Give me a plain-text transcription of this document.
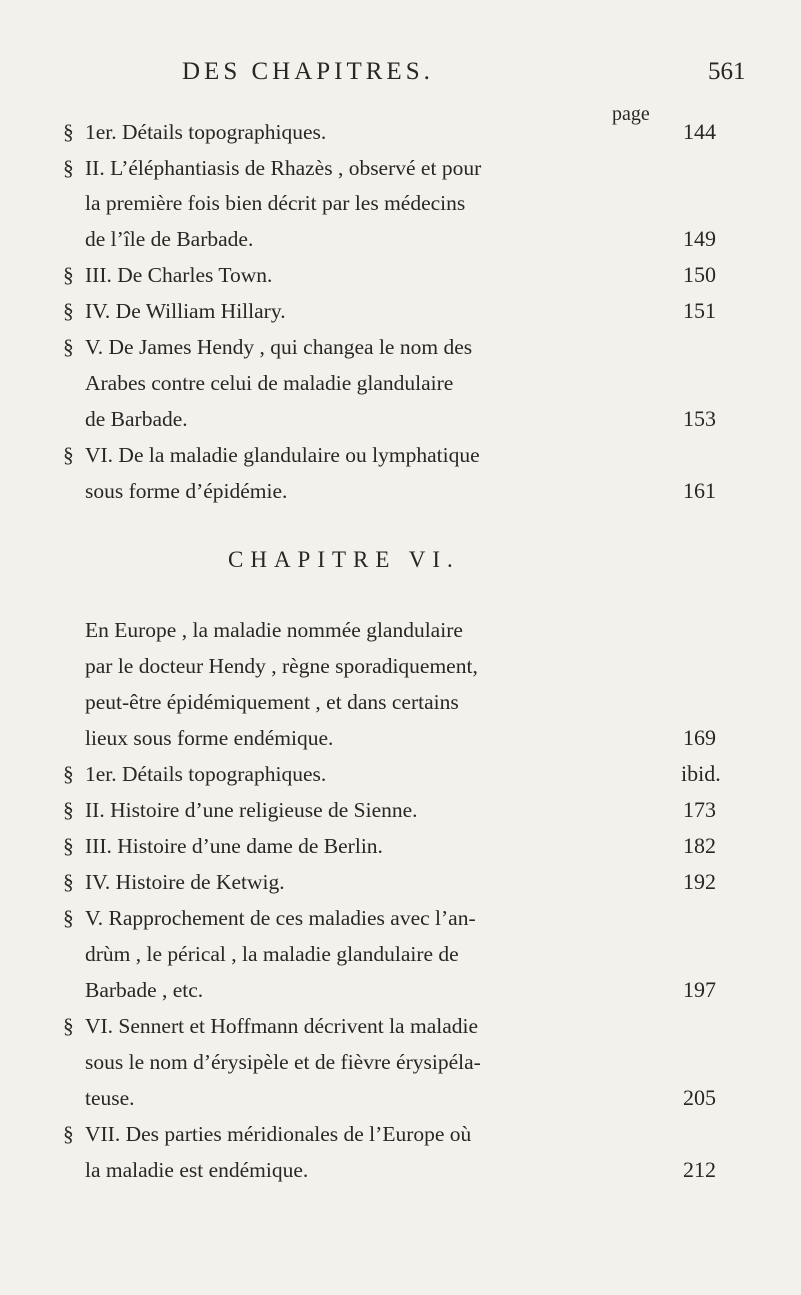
DES CHAPITRES.	561
page
§ 1er. Détails topographiques.	144
§ II. L’éléphantiasis de Rhazès , observé et pour
la première fois bien décrit par les médecins
de l’île de Barbade.	149
§ III. De Charles Town.	150
§ IV. De William Hillary.	151
§ V. De James Hendy , qui changea le nom des
Arabes contre celui de maladie glandulaire
de Barbade.	153
§ VI. De la maladie glandulaire ou lymphatique
sous forme d’épidémie.	161
CHAPITRE VI.
En Europe , la maladie nommée glandulaire
par le docteur Hendy , règne sporadiquement,
peut-être épidémiquement , et dans certains
lieux sous forme endémique.	169
§ 1er. Détails topographiques.	ibid.
§ II. Histoire d’une religieuse de Sienne.	173
§ III. Histoire d’une dame de Berlin.	182
§ IV. Histoire de Ketwig.	192
§ V. Rapprochement de ces maladies avec l’an-
drùm , le pérical , la maladie glandulaire de
Barbade , etc.	197
§ VI. Sennert et Hoffmann décrivent la maladie
sous le nom d’érysipèle et de fièvre érysipéla-
teuse.	205
§ VII. Des parties méridionales de l’Europe où
la maladie est endémique.	212
